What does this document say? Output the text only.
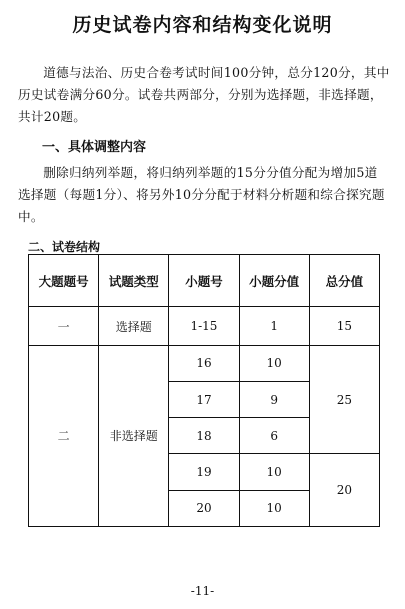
历史试卷内容和结构变化说明
道德与法治、历史合卷考试时间100分钟，总分120分，其中历史试卷满分60分。试卷共两部分，分别为选择题，非选择题，共计20题。
一、具体调整内容
删除归纳列举题，将归纳列举题的15分分值分配为增加5道选择题（每题1分）、将另外10分分配于材料分析题和综合探究题中。
二、试卷结构
大题题号	试题类型	小题号	小题分值	总分值
一	选择题	1-15	1	15
二	非选择题	16	10	25
		17	9	
		18	6	
		19	10	20
		20	10	
-11-
